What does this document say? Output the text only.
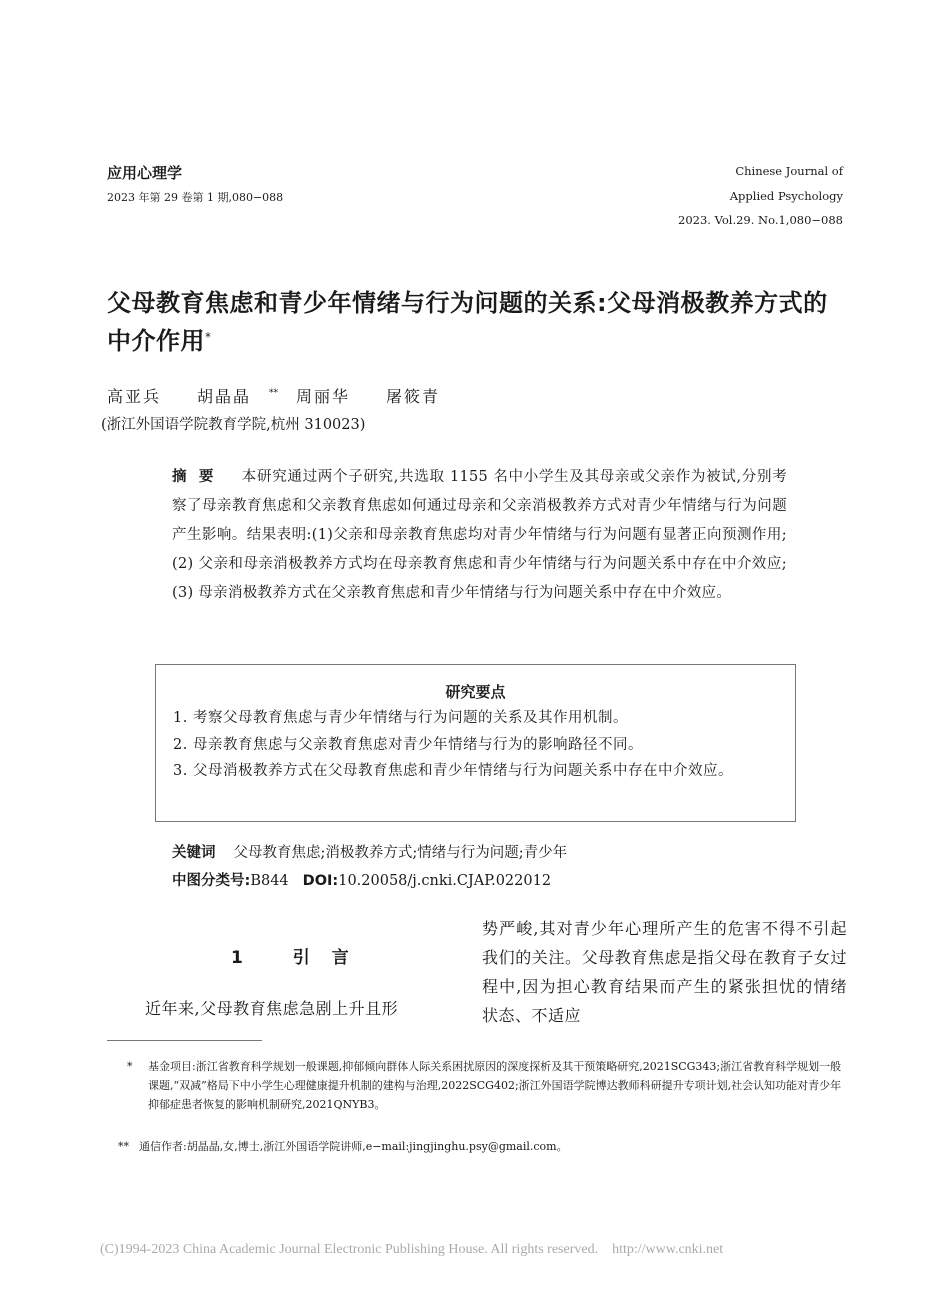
应用心理学
2023 年第 29 卷第 1 期,080−088
Chinese Journal of
Applied Psychology
2023. Vol.29. No.1,080−088
父母教育焦虑和青少年情绪与行为问题的关系:父母消极教养方式的中介作用*
高亚兵 胡晶晶 ** 周丽华 屠筱青
(浙江外国语学院教育学院,杭州 310023)
摘要 本研究通过两个子研究,共选取 1155 名中小学生及其母亲或父亲作为被试,分别考察了母亲教育焦虑和父亲教育焦虑如何通过母亲和父亲消极教养方式对青少年情绪与行为问题产生影响。结果表明:(1)父亲和母亲教育焦虑均对青少年情绪与行为问题有显著正向预测作用;(2) 父亲和母亲消极教养方式均在母亲教育焦虑和青少年情绪与行为问题关系中存在中介效应;(3) 母亲消极教养方式在父亲教育焦虑和青少年情绪与行为问题关系中存在中介效应。
研究要点
1. 考察父母教育焦虑与青少年情绪与行为问题的关系及其作用机制。
2. 母亲教育焦虑与父亲教育焦虑对青少年情绪与行为的影响路径不同。
3. 父母消极教养方式在父母教育焦虑和青少年情绪与行为问题关系中存在中介效应。
关键词 父母教育焦虑;消极教养方式;情绪与行为问题;青少年
中图分类号:B844 DOI:10.20058/j.cnki.CJAP.022012
1 引言
近年来,父母教育焦虑急剧上升且形
势严峻,其对青少年心理所产生的危害不得不引起我们的关注。父母教育焦虑是指父母在教育子女过程中,因为担心教育结果而产生的紧张担忧的情绪状态、不适应
* 基金项目:浙江省教育科学规划一般课题,抑郁倾向群体人际关系困扰原因的深度探析及其干预策略研究,2021SCG343;浙江省教育科学规划一般课题,“双减”格局下中小学生心理健康提升机制的建构与治理,2022SCG402;浙江外国语学院博达教师科研提升专项计划,社会认知功能对青少年抑郁症患者恢复的影响机制研究,2021QNYB3。
** 通信作者:胡晶晶,女,博士,浙江外国语学院讲师,e−mail:jingjinghu.psy@gmail.com。
(C)1994-2023 China Academic Journal Electronic Publishing House. All rights reserved. http://www.cnki.net
